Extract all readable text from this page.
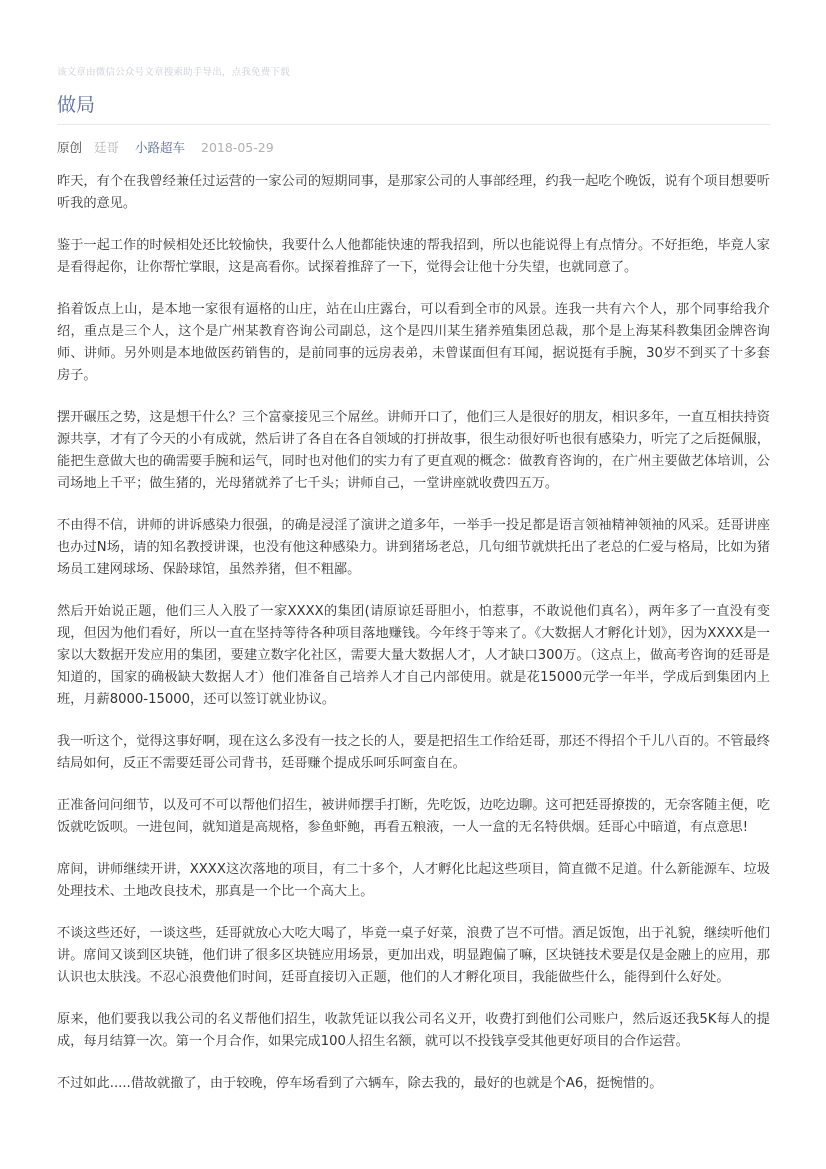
该文章由微信公众号文章搜索助手导出，点我免费下载
做局
原创 廷哥 小路超车 2018-05-29

昨天，有个在我曾经兼任过运营的一家公司的短期同事，是那家公司的人事部经理，约我一起吃个晚饭，说有个项目想要听听我的意见。

鉴于一起工作的时候相处还比较愉快，我要什么人他都能快速的帮我招到，所以也能说得上有点情分。不好拒绝，毕竟人家是看得起你，让你帮忙掌眼，这是高看你。试探着推辞了一下，觉得会让他十分失望，也就同意了。

掐着饭点上山，是本地一家很有逼格的山庄，站在山庄露台，可以看到全市的风景。连我一共有六个人，那个同事给我介绍，重点是三个人，这个是广州某教育咨询公司副总，这个是四川某生猪养殖集团总裁，那个是上海某科教集团金牌咨询师、讲师。另外则是本地做医药销售的，是前同事的远房表弟，未曾谋面但有耳闻，据说挺有手腕，30岁不到买了十多套房子。

摆开碾压之势，这是想干什么？三个富豪接见三个屌丝。讲师开口了，他们三人是很好的朋友，相识多年，一直互相扶持资源共享，才有了今天的小有成就，然后讲了各自在各自领域的打拼故事，很生动很好听也很有感染力，听完了之后挺佩服，能把生意做大也的确需要手腕和运气，同时也对他们的实力有了更直观的概念：做教育咨询的，在广州主要做艺体培训，公司场地上千平；做生猪的，光母猪就养了七千头；讲师自己，一堂讲座就收费四五万。

不由得不信，讲师的讲诉感染力很强，的确是浸淫了演讲之道多年，一举手一投足都是语言领袖精神领袖的风采。廷哥讲座也办过N场，请的知名教授讲课，也没有他这种感染力。讲到猪场老总，几句细节就烘托出了老总的仁爱与格局，比如为猪场员工建网球场、保龄球馆，虽然养猪，但不粗鄙。

然后开始说正题，他们三人入股了一家XXXX的集团(请原谅廷哥胆小，怕惹事，不敢说他们真名），两年多了一直没有变现，但因为他们看好，所以一直在坚持等待各种项目落地赚钱。今年终于等来了。《大数据人才孵化计划》，因为XXXX是一家以大数据开发应用的集团，要建立数字化社区，需要大量大数据人才，人才缺口300万。（这点上，做高考咨询的廷哥是知道的，国家的确极缺大数据人才）他们准备自己培养人才自己内部使用。就是花15000元学一年半，学成后到集团内上班，月薪8000-15000，还可以签订就业协议。

我一听这个，觉得这事好啊，现在这么多没有一技之长的人，要是把招生工作给廷哥，那还不得招个千儿八百的。不管最终结局如何，反正不需要廷哥公司背书，廷哥赚个提成乐呵乐呵蛮自在。

正准备问问细节，以及可不可以帮他们招生，被讲师摆手打断，先吃饭，边吃边聊。这可把廷哥撩拨的，无奈客随主便，吃饭就吃饭呗。一进包间，就知道是高规格，参鱼虾鲍，再看五粮液，一人一盒的无名特供烟。廷哥心中暗道，有点意思!

席间，讲师继续开讲，XXXX这次落地的项目，有二十多个，人才孵化比起这些项目，简直微不足道。什么新能源车、垃圾处理技术、土地改良技术，那真是一个比一个高大上。

不谈这些还好，一谈这些，廷哥就放心大吃大喝了，毕竟一桌子好菜，浪费了岂不可惜。酒足饭饱，出于礼貌，继续听他们讲。席间又谈到区块链，他们讲了很多区块链应用场景，更加出戏，明显跑偏了嘛，区块链技术要是仅是金融上的应用，那认识也太肤浅。不忍心浪费他们时间，廷哥直接切入正题，他们的人才孵化项目，我能做些什么，能得到什么好处。

原来，他们要我以我公司的名义帮他们招生，收款凭证以我公司名义开，收费打到他们公司账户，然后返还我5K每人的提成，每月结算一次。第一个月合作，如果完成100人招生名额，就可以不投钱享受其他更好项目的合作运营。

不过如此.....借故就撤了，由于较晚，停车场看到了六辆车，除去我的，最好的也就是个A6，挺惋惜的。
